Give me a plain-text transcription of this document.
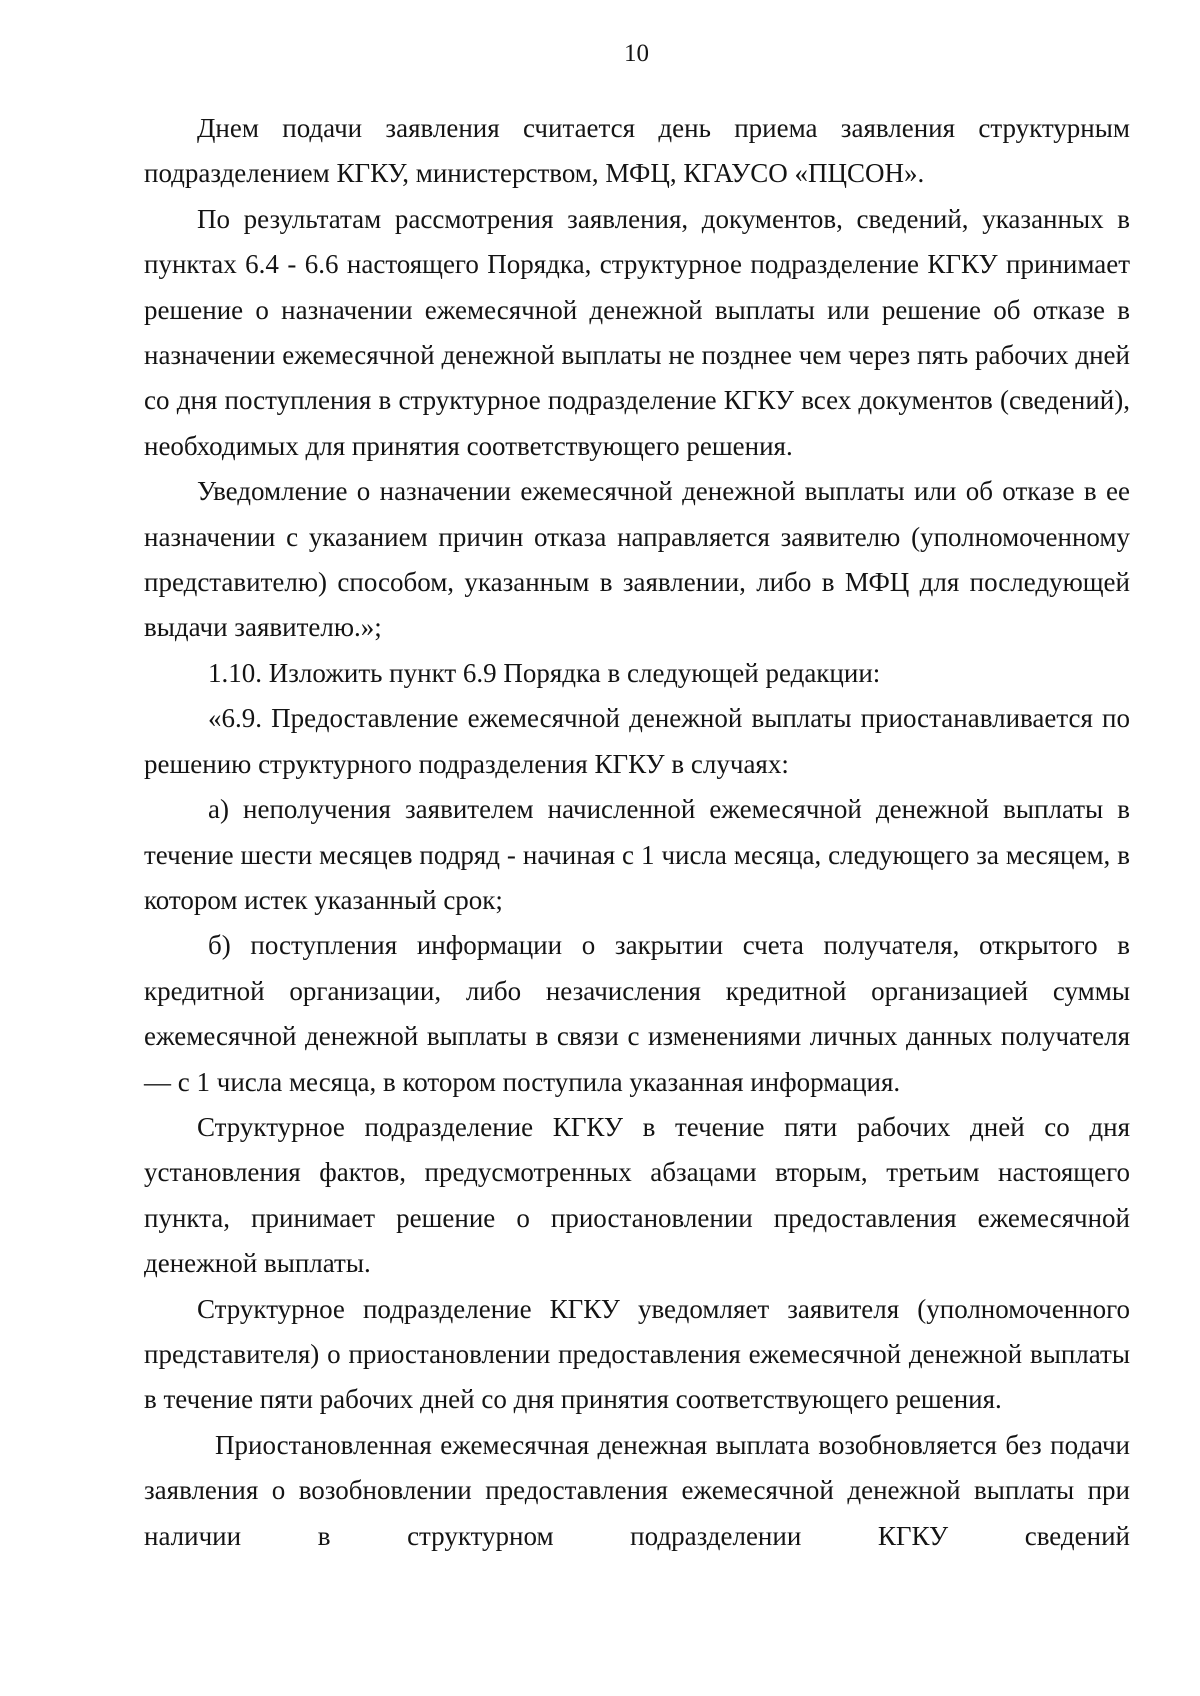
10

Днем подачи заявления считается день приема заявления структурным подразделением КГКУ, министерством, МФЦ, КГАУСО «ПЦСОН».

По результатам рассмотрения заявления, документов, сведений, указанных в пунктах 6.4 - 6.6 настоящего Порядка, структурное подразделение КГКУ принимает решение о назначении ежемесячной денежной выплаты или решение об отказе в назначении ежемесячной денежной выплаты не позднее чем через пять рабочих дней со дня поступления в структурное подразделение КГКУ всех документов (сведений), необходимых для принятия соответствующего решения.

Уведомление о назначении ежемесячной денежной выплаты или об отказе в ее назначении с указанием причин отказа направляется заявителю (уполномоченному представителю) способом, указанным в заявлении, либо в МФЦ для последующей выдачи заявителю.»;

1.10. Изложить пункт 6.9 Порядка в следующей редакции:

«6.9. Предоставление ежемесячной денежной выплаты приостанавливается по решению структурного подразделения КГКУ в случаях:

а) неполучения заявителем начисленной ежемесячной денежной выплаты в течение шести месяцев подряд - начиная с 1 числа месяца, следующего за месяцем, в котором истек указанный срок;

б) поступления информации о закрытии счета получателя, открытого в кредитной организации, либо незачисления кредитной организацией суммы ежемесячной денежной выплаты в связи с изменениями личных данных получателя — с 1 числа месяца, в котором поступила указанная информация.

Структурное подразделение КГКУ в течение пяти рабочих дней со дня установления фактов, предусмотренных абзацами вторым, третьим настоящего пункта, принимает решение о приостановлении предоставления ежемесячной денежной выплаты.

Структурное подразделение КГКУ уведомляет заявителя (уполномоченного представителя) о приостановлении предоставления ежемесячной денежной выплаты в течение пяти рабочих дней со дня принятия соответствующего решения.

Приостановленная ежемесячная денежная выплата возобновляется без подачи заявления о возобновлении предоставления ежемесячной денежной выплаты при наличии в структурном подразделении КГКУ сведений
